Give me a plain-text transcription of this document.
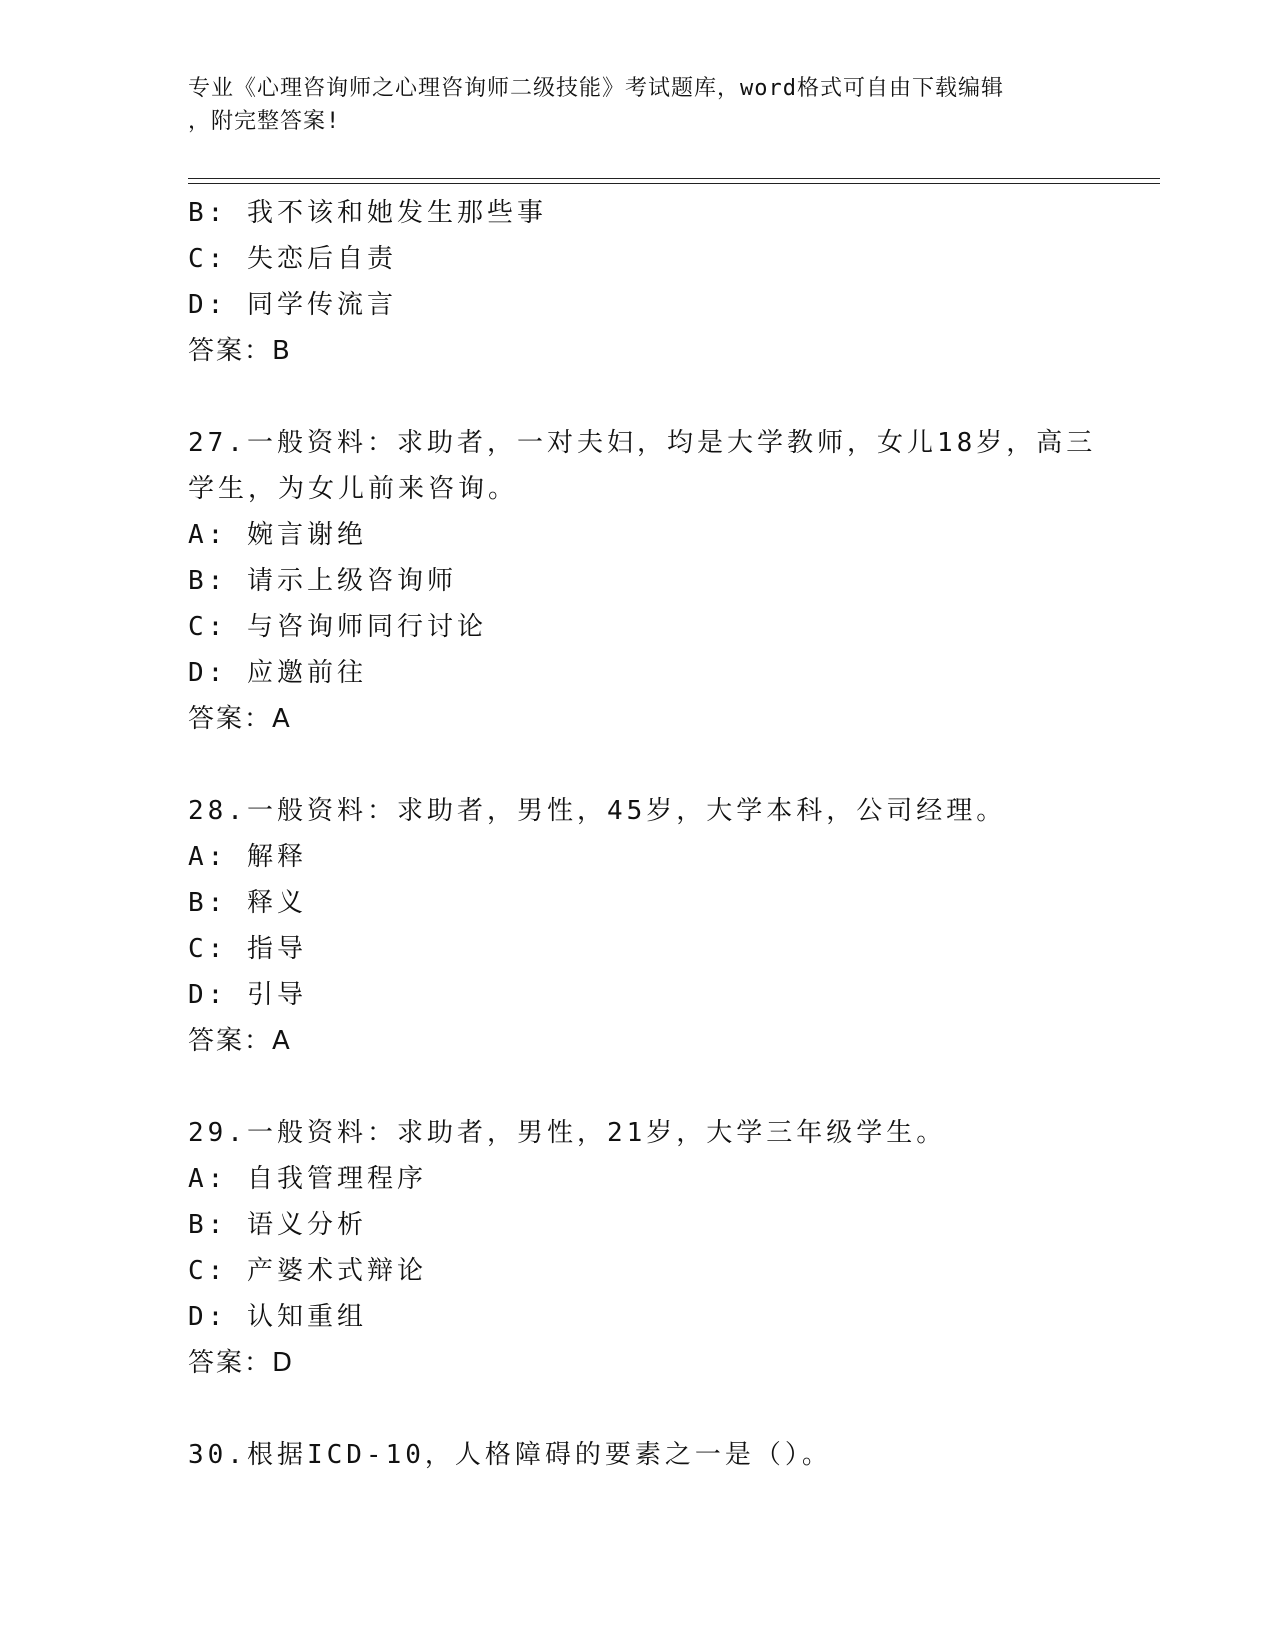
专业《心理咨询师之心理咨询师二级技能》考试题库，word格式可自由下载编辑
，附完整答案!
B: 我不该和她发生那些事
C: 失恋后自责
D: 同学传流言
答案：B
27.一般资料：求助者，一对夫妇，均是大学教师，女儿18岁，高三
学生，为女儿前来咨询。
A: 婉言谢绝
B: 请示上级咨询师
C: 与咨询师同行讨论
D: 应邀前往
答案：A
28.一般资料：求助者，男性，45岁，大学本科，公司经理。
A: 解释
B: 释义
C: 指导
D: 引导
答案：A
29.一般资料：求助者，男性，21岁，大学三年级学生。
A: 自我管理程序
B: 语义分析
C: 产婆术式辩论
D: 认知重组
答案：D
30.根据ICD-10，人格障碍的要素之一是（）。
